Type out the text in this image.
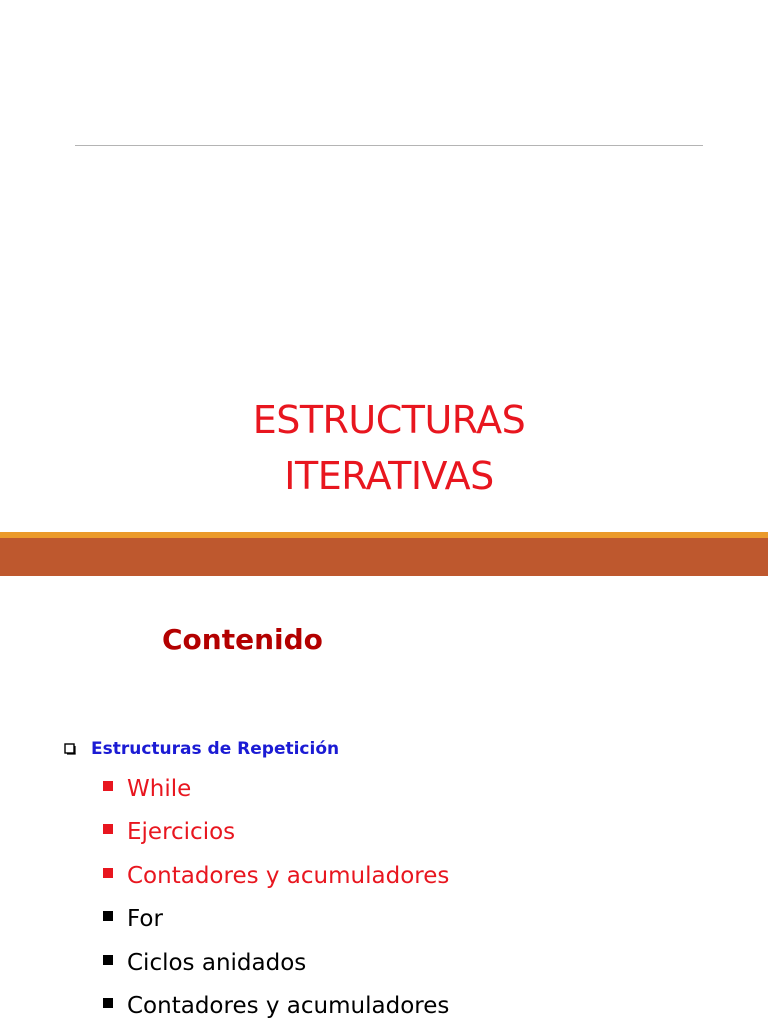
ESTRUCTURAS
ITERATIVAS
Contenido
Estructuras de Repetición
While
Ejercicios
Contadores y acumuladores
For
Ciclos anidados
Contadores y acumuladores
